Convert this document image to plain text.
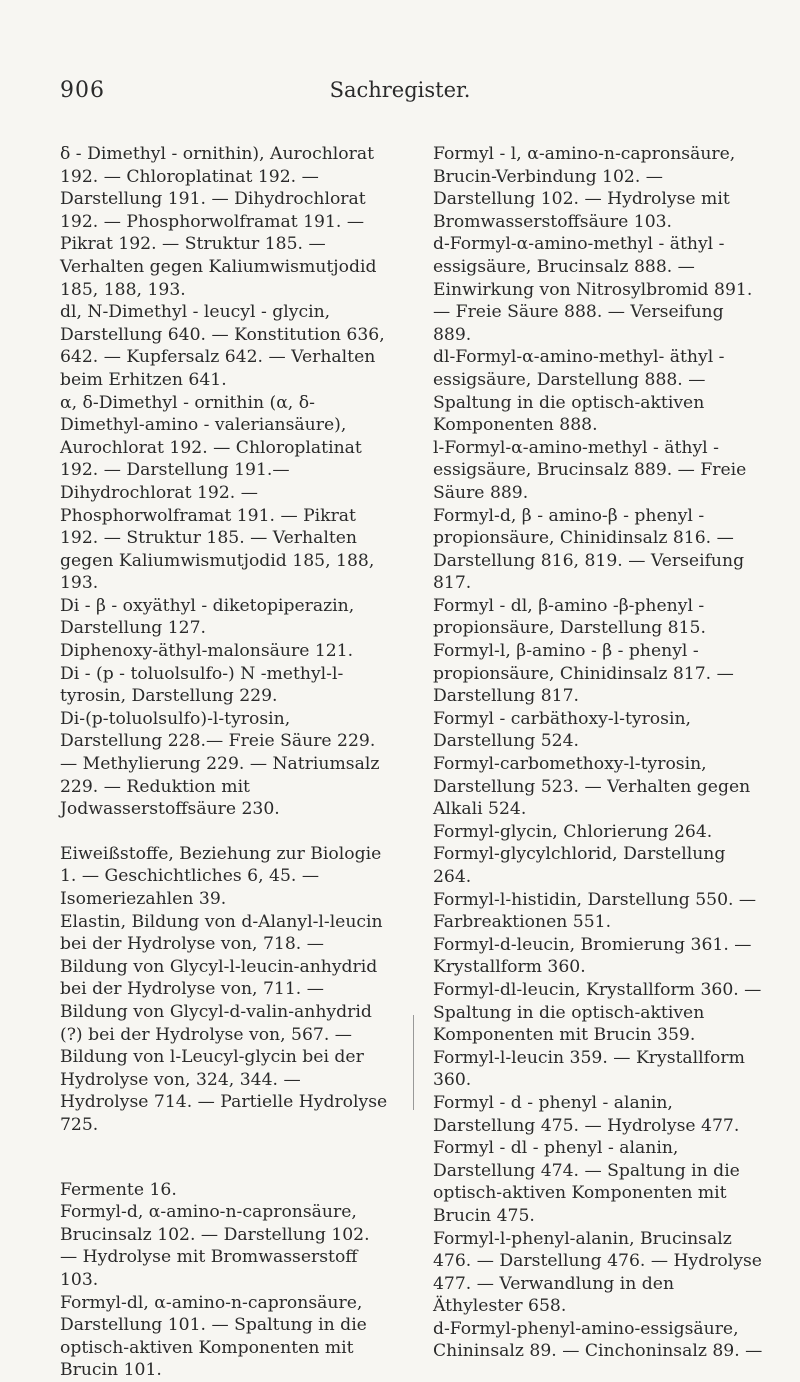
906	Sachregister.

δ - Dimethyl - ornithin), Aurochlorat 192. — Chloroplatinat 192. — Darstellung 191. — Dihydrochlorat 192. — Phosphorwolframat 191. — Pikrat 192. — Struktur 185. — Verhalten gegen Kaliumwismutjodid 185, 188, 193.

dl, N-Dimethyl - leucyl - glycin, Darstellung 640. — Konstitution 636, 642. — Kupfersalz 642. — Verhalten beim Erhitzen 641.

α, δ-Dimethyl - ornithin (α, δ-Dimethyl-amino - valeriansäure), Aurochlorat 192. — Chloroplatinat 192. — Darstellung 191.— Dihydrochlorat 192. — Phosphorwolframat 191. — Pikrat 192. — Struktur 185. — Verhalten gegen Kaliumwismutjodid 185, 188, 193.

Di - β - oxyäthyl - diketopiperazin, Darstellung 127.

Diphenoxy-äthyl-malonsäure 121.

Di - (p - toluolsulfo-) N -methyl-l-tyrosin, Darstellung 229.

Di-(p-toluolsulfo)-l-tyrosin, Darstellung 228.— Freie Säure 229. — Methylierung 229. — Natriumsalz 229. — Reduktion mit Jodwasserstoffsäure 230.

Eiweißstoffe, Beziehung zur Biologie 1. — Geschichtliches 6, 45. — Isomeriezahlen 39.

Elastin, Bildung von d-Alanyl-l-leucin bei der Hydrolyse von, 718. — Bildung von Glycyl-l-leucin-anhydrid bei der Hydrolyse von, 711. — Bildung von Glycyl-d-valin-anhydrid (?) bei der Hydrolyse von, 567. — Bildung von l-Leucyl-glycin bei der Hydrolyse von, 324, 344. — Hydrolyse 714. — Partielle Hydrolyse 725.

Fermente 16.

Formyl-d, α-amino-n-capronsäure, Brucinsalz 102. — Darstellung 102. — Hydrolyse mit Bromwasserstoff 103.

Formyl-dl, α-amino-n-capronsäure, Darstellung 101. — Spaltung in die optisch-aktiven Komponenten mit Brucin 101.

Formyl - l, α-amino-n-capronsäure, Brucin-Verbindung 102. — Darstellung 102. — Hydrolyse mit Bromwasserstoffsäure 103.

d-Formyl-α-amino-methyl - äthyl - essigsäure, Brucinsalz 888. — Einwirkung von Nitrosylbromid 891. — Freie Säure 888. — Verseifung 889.

dl-Formyl-α-amino-methyl- äthyl - essigsäure, Darstellung 888. — Spaltung in die optisch-aktiven Komponenten 888.

l-Formyl-α-amino-methyl - äthyl - essigsäure, Brucinsalz 889. — Freie Säure 889.

Formyl-d, β - amino-β - phenyl - propionsäure, Chinidinsalz 816. — Darstellung 816, 819. — Verseifung 817.

Formyl - dl, β-amino -β-phenyl - propionsäure, Darstellung 815.

Formyl-l, β-amino - β - phenyl - propionsäure, Chinidinsalz 817. — Darstellung 817.

Formyl - carbäthoxy-l-tyrosin, Darstellung 524.

Formyl-carbomethoxy-l-tyrosin, Darstellung 523. — Verhalten gegen Alkali 524.

Formyl-glycin, Chlorierung 264.

Formyl-glycylchlorid, Darstellung 264.

Formyl-l-histidin, Darstellung 550. — Farbreaktionen 551.

Formyl-d-leucin, Bromierung 361. — Krystallform 360.

Formyl-dl-leucin, Krystallform 360. — Spaltung in die optisch-aktiven Komponenten mit Brucin 359.

Formyl-l-leucin 359. — Krystallform 360.

Formyl - d - phenyl - alanin, Darstellung 475. — Hydrolyse 477.

Formyl - dl - phenyl - alanin, Darstellung 474. — Spaltung in die optisch-aktiven Komponenten mit Brucin 475.

Formyl-l-phenyl-alanin, Brucinsalz 476. — Darstellung 476. — Hydrolyse 477. — Verwandlung in den Äthylester 658.

d-Formyl-phenyl-amino-essigsäure, Chininsalz 89. — Cinchoninsalz 89. —
